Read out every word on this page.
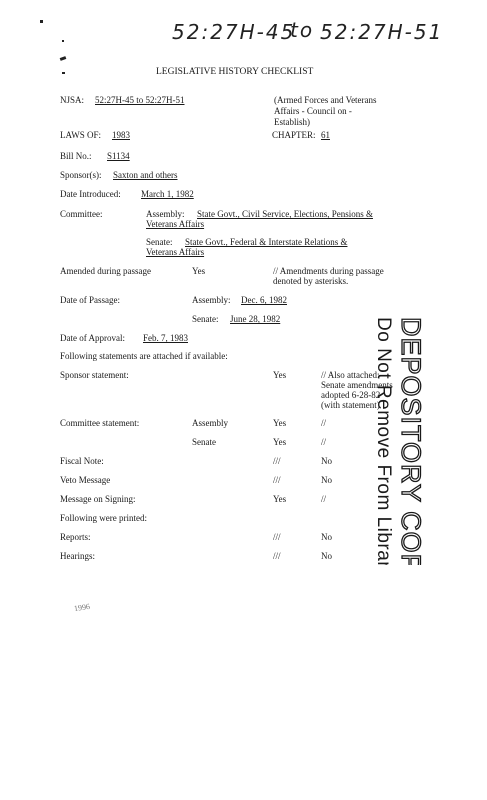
52:27H-45
to 52:27H-51
LEGISLATIVE HISTORY CHECKLIST
NJSA: 52:27H-45 to 52:27H-51	(Armed Forces and Veterans
Affairs - Council on -
Establish)
LAWS OF: 1983	CHAPTER: 61
Bill No.: S1134
Sponsor(s): Saxton and others
Date Introduced: March 1, 1982
Committee:	Assembly: State Govt., Civil Service, Elections, Pensions &
Veterans Affairs
Senate: State Govt., Federal & Interstate Relations &
Veterans Affairs
Amended during passage	Yes	// Amendments during passage
denoted by asterisks.
Date of Passage:	Assembly: Dec. 6, 1982
Senate: June 28, 1982
Date of Approval: Feb. 7, 1983
Following statements are attached if available:
Sponsor statement:	Yes	// Also attached:
Senate amendments
adopted 6-28-82
(with statement)
Committee statement:	Assembly	Yes	//
Senate	Yes	//
Fiscal Note:	///	No
Veto Message	///	No
Message on Signing:	Yes	//
Following were printed:
Reports:	///	No
Hearings:	///	No DEPOSITORY COPY
Do Not Remove From Library
1996
